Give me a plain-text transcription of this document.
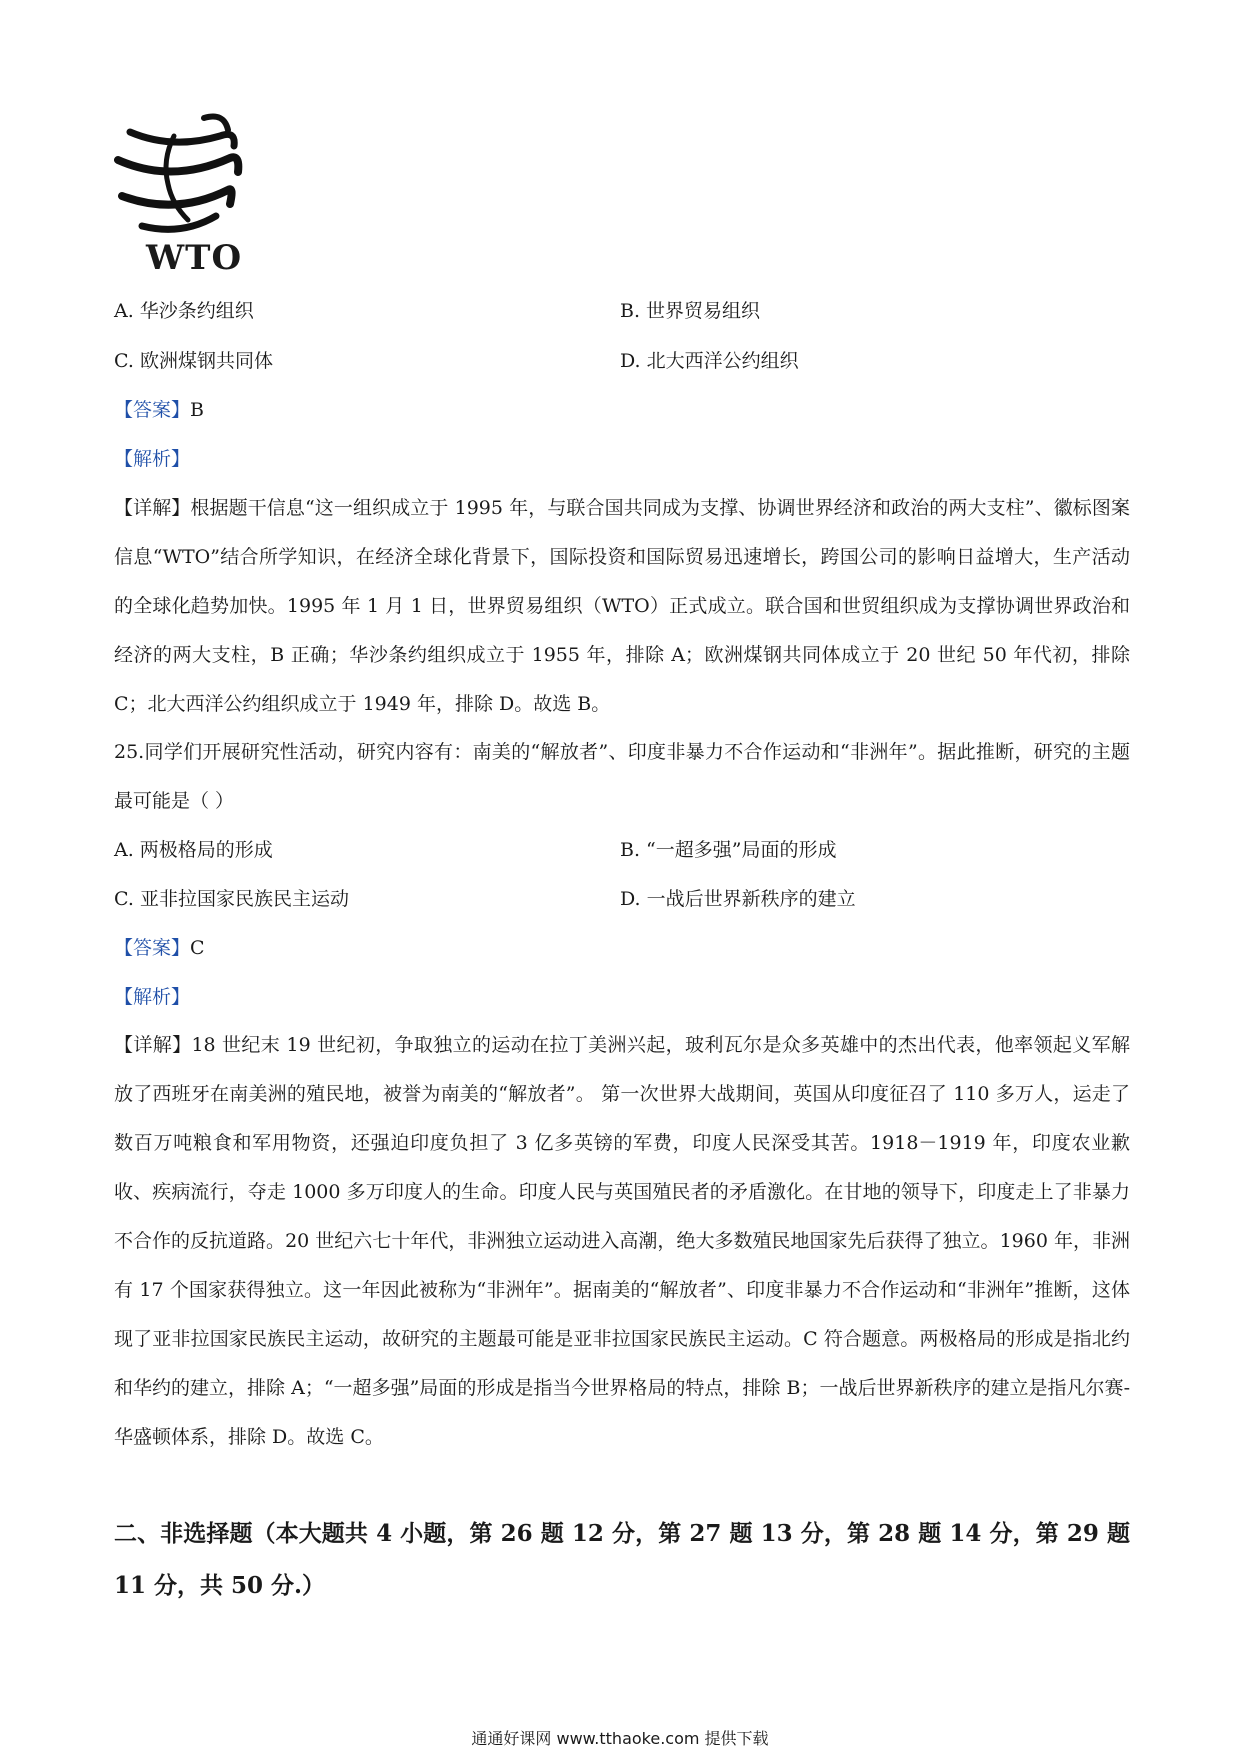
WTO
A. 华沙条约组织	B. 世界贸易组织
C. 欧洲煤钢共同体	D. 北大西洋公约组织
【答案】B
【解析】

【详解】根据题干信息“这一组织成立于 1995 年，与联合国共同成为支撑、协调世界经济和政治的两大支柱”、徽标图案信息“WTO”结合所学知识，在经济全球化背景下，国际投资和国际贸易迅速增长，跨国公司的影响日益增大，生产活动的全球化趋势加快。1995 年 1 月 1 日，世界贸易组织（WTO）正式成立。联合国和世贸组织成为支撑协调世界政治和经济的两大支柱，B 正确；华沙条约组织成立于 1955 年，排除 A；欧洲煤钢共同体成立于 20 世纪 50 年代初，排除 C；北大西洋公约组织成立于 1949 年，排除 D。故选 B。

25.同学们开展研究性活动，研究内容有：南美的“解放者”、印度非暴力不合作运动和“非洲年”。据此推断，研究的主题最可能是（ ）

A. 两极格局的形成	B. “一超多强”局面的形成
C. 亚非拉国家民族民主运动	D. 一战后世界新秩序的建立
【答案】C
【解析】

【详解】18 世纪末 19 世纪初，争取独立的运动在拉丁美洲兴起，玻利瓦尔是众多英雄中的杰出代表，他率领起义军解放了西班牙在南美洲的殖民地，被誉为南美的“解放者”。 第一次世界大战期间，英国从印度征召了 110 多万人，运走了数百万吨粮食和军用物资，还强迫印度负担了 3 亿多英镑的军费，印度人民深受其苦。1918－1919 年，印度农业歉收、疾病流行，夺走 1000 多万印度人的生命。印度人民与英国殖民者的矛盾激化。在甘地的领导下，印度走上了非暴力不合作的反抗道路。20 世纪六七十年代，非洲独立运动进入高潮，绝大多数殖民地国家先后获得了独立。1960 年，非洲有 17 个国家获得独立。这一年因此被称为“非洲年”。据南美的“解放者”、印度非暴力不合作运动和“非洲年”推断，这体现了亚非拉国家民族民主运动，故研究的主题最可能是亚非拉国家民族民主运动。C 符合题意。两极格局的形成是指北约和华约的建立，排除 A；“一超多强”局面的形成是指当今世界格局的特点，排除 B；一战后世界新秩序的建立是指凡尔赛-华盛顿体系，排除 D。故选 C。

二、非选择题（本大题共 4 小题，第 26 题 12 分，第 27 题 13 分，第 28 题 14 分，第 29 题 11 分，共 50 分.）
通通好课网 www.tthaoke.com 提供下载
